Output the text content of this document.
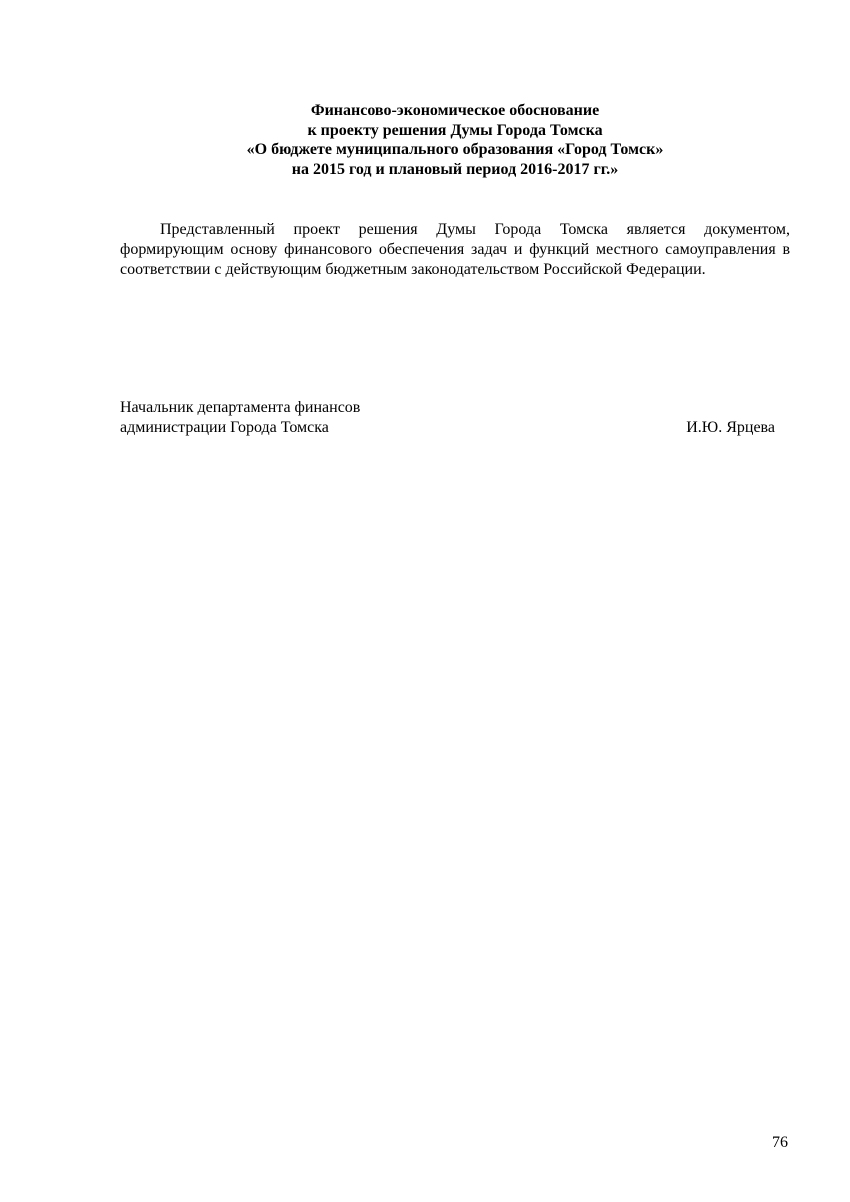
Финансово-экономическое обоснование
к проекту решения Думы Города Томска
«О бюджете муниципального образования «Город Томск»
на 2015 год и плановый период 2016-2017 гг.»

Представленный проект решения Думы Города Томска является документом, формирующим основу финансового обеспечения задач и функций местного самоуправления в соответствии с действующим бюджетным законодательством Российской Федерации.

Начальник департамента финансов
администрации Города Томска	И.Ю. Ярцева
76
